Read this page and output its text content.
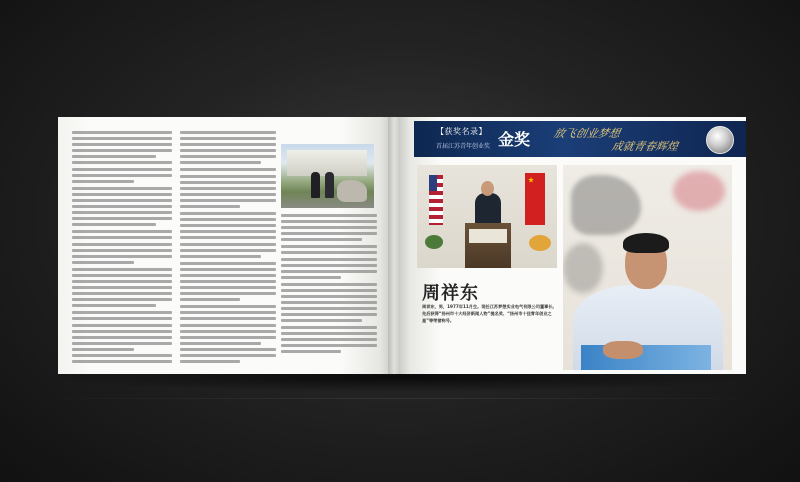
【获奖名录】
首届江苏青年创业奖 金奖 放飞创业梦想
成就青春辉煌
周祥东
周祥东，男，1977年11月生。现任江苏梦想实业电气有限公司董事长。先后获得“扬州市十大经济新闻人物”提名奖、“扬州市十佳青年创业之星”等荣誉称号。
